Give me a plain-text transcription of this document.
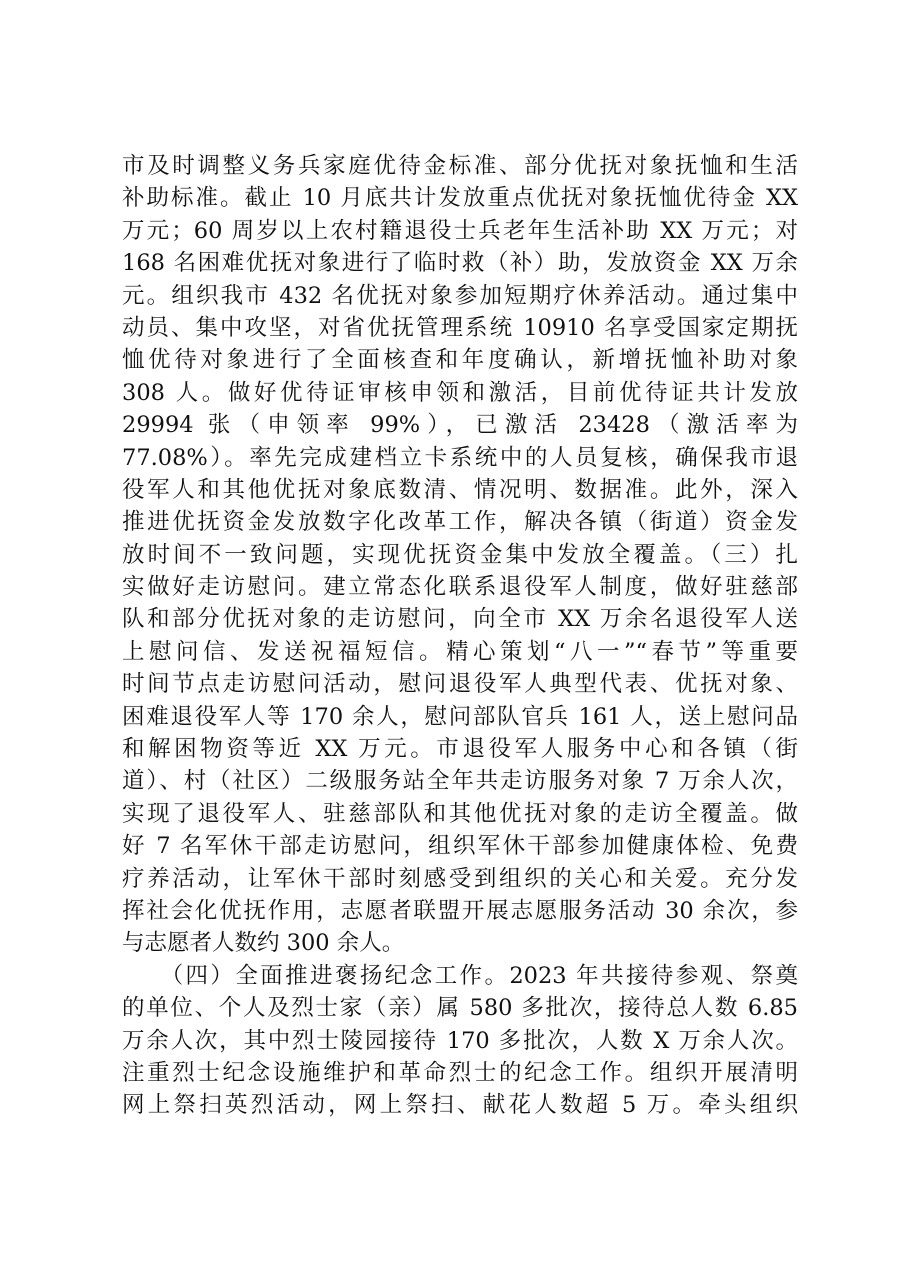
市及时调整义务兵家庭优待金标准、部分优抚对象抚恤和生活
补助标准。截止 10 月底共计发放重点优抚对象抚恤优待金 XX
万元；60 周岁以上农村籍退役士兵老年生活补助 XX 万元；对
168 名困难优抚对象进行了临时救（补）助，发放资金 XX 万余
元。组织我市 432 名优抚对象参加短期疗休养活动。通过集中
动员、集中攻坚，对省优抚管理系统 10910 名享受国家定期抚
恤优待对象进行了全面核查和年度确认，新增抚恤补助对象
308 人。做好优待证审核申领和激活，目前优待证共计发放
29994 张（申领率 99%），已激活 23428（激活率为
77.08%）。率先完成建档立卡系统中的人员复核，确保我市退
役军人和其他优抚对象底数清、情况明、数据准。此外，深入
推进优抚资金发放数字化改革工作，解决各镇（街道）资金发
放时间不一致问题，实现优抚资金集中发放全覆盖。（三）扎
实做好走访慰问。建立常态化联系退役军人制度，做好驻慈部
队和部分优抚对象的走访慰问，向全市 XX 万余名退役军人送
上慰问信、发送祝福短信。精心策划“八一”“春节”等重要
时间节点走访慰问活动，慰问退役军人典型代表、优抚对象、
困难退役军人等 170 余人，慰问部队官兵 161 人，送上慰问品
和解困物资等近 XX 万元。市退役军人服务中心和各镇（街
道）、村（社区）二级服务站全年共走访服务对象 7 万余人次，
实现了退役军人、驻慈部队和其他优抚对象的走访全覆盖。做
好 7 名军休干部走访慰问，组织军休干部参加健康体检、免费
疗养活动，让军休干部时刻感受到组织的关心和关爱。充分发
挥社会化优抚作用，志愿者联盟开展志愿服务活动 30 余次，参
与志愿者人数约 300 余人。
　　（四）全面推进褒扬纪念工作。2023 年共接待参观、祭奠
的单位、个人及烈士家（亲）属 580 多批次，接待总人数 6.85
万余人次，其中烈士陵园接待 170 多批次，人数 X 万余人次。
注重烈士纪念设施维护和革命烈士的纪念工作。组织开展清明
网上祭扫英烈活动，网上祭扫、献花人数超 5 万。牵头组织
